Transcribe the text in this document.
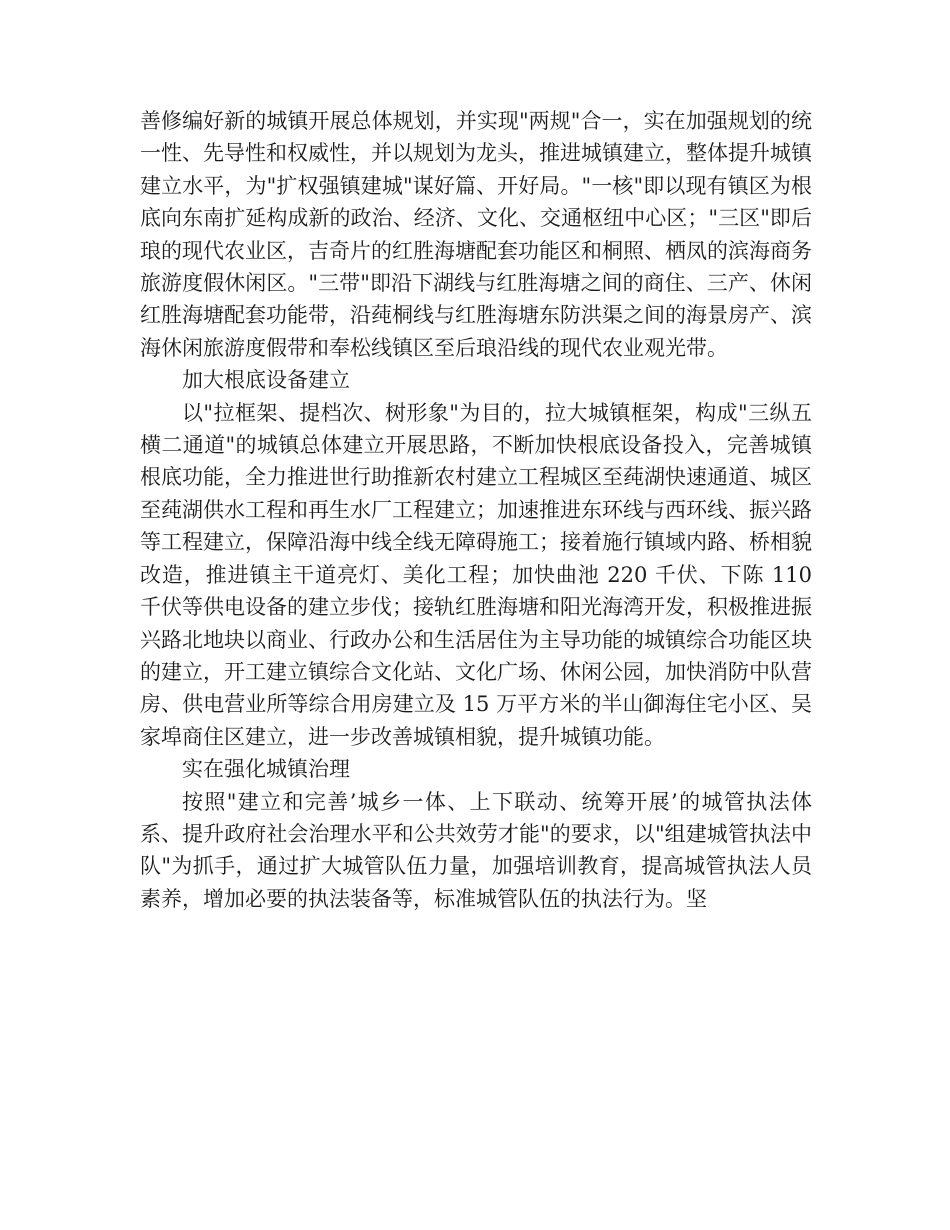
善修编好新的城镇开展总体规划，并实现"两规"合一，实在加强规划的统一性、先导性和权威性，并以规划为龙头，推进城镇建立，整体提升城镇建立水平，为"扩权强镇建城"谋好篇、开好局。"一核"即以现有镇区为根底向东南扩延构成新的政治、经济、文化、交通枢纽中心区；"三区"即后琅的现代农业区，吉奇片的红胜海塘配套功能区和桐照、栖凤的滨海商务旅游度假休闲区。"三带"即沿下湖线与红胜海塘之间的商住、三产、休闲红胜海塘配套功能带，沿莼桐线与红胜海塘东防洪渠之间的海景房产、滨海休闲旅游度假带和奉松线镇区至后琅沿线的现代农业观光带。

加大根底设备建立

以"拉框架、提档次、树形象"为目的，拉大城镇框架，构成"三纵五横二通道"的城镇总体建立开展思路，不断加快根底设备投入，完善城镇根底功能，全力推进世行助推新农村建立工程城区至莼湖快速通道、城区至莼湖供水工程和再生水厂工程建立；加速推进东环线与西环线、振兴路等工程建立，保障沿海中线全线无障碍施工；接着施行镇域内路、桥相貌改造，推进镇主干道亮灯、美化工程；加快曲池 220 千伏、下陈 110 千伏等供电设备的建立步伐；接轨红胜海塘和阳光海湾开发，积极推进振兴路北地块以商业、行政办公和生活居住为主导功能的城镇综合功能区块的建立，开工建立镇综合文化站、文化广场、休闲公园，加快消防中队营房、供电营业所等综合用房建立及 15 万平方米的半山御海住宅小区、吴家埠商住区建立，进一步改善城镇相貌，提升城镇功能。

实在强化城镇治理

按照"建立和完善’城乡一体、上下联动、统筹开展’的城管执法体系、提升政府社会治理水平和公共效劳才能"的要求，以"组建城管执法中队"为抓手，通过扩大城管队伍力量，加强培训教育，提高城管执法人员素养，增加必要的执法装备等，标准城管队伍的执法行为。坚
